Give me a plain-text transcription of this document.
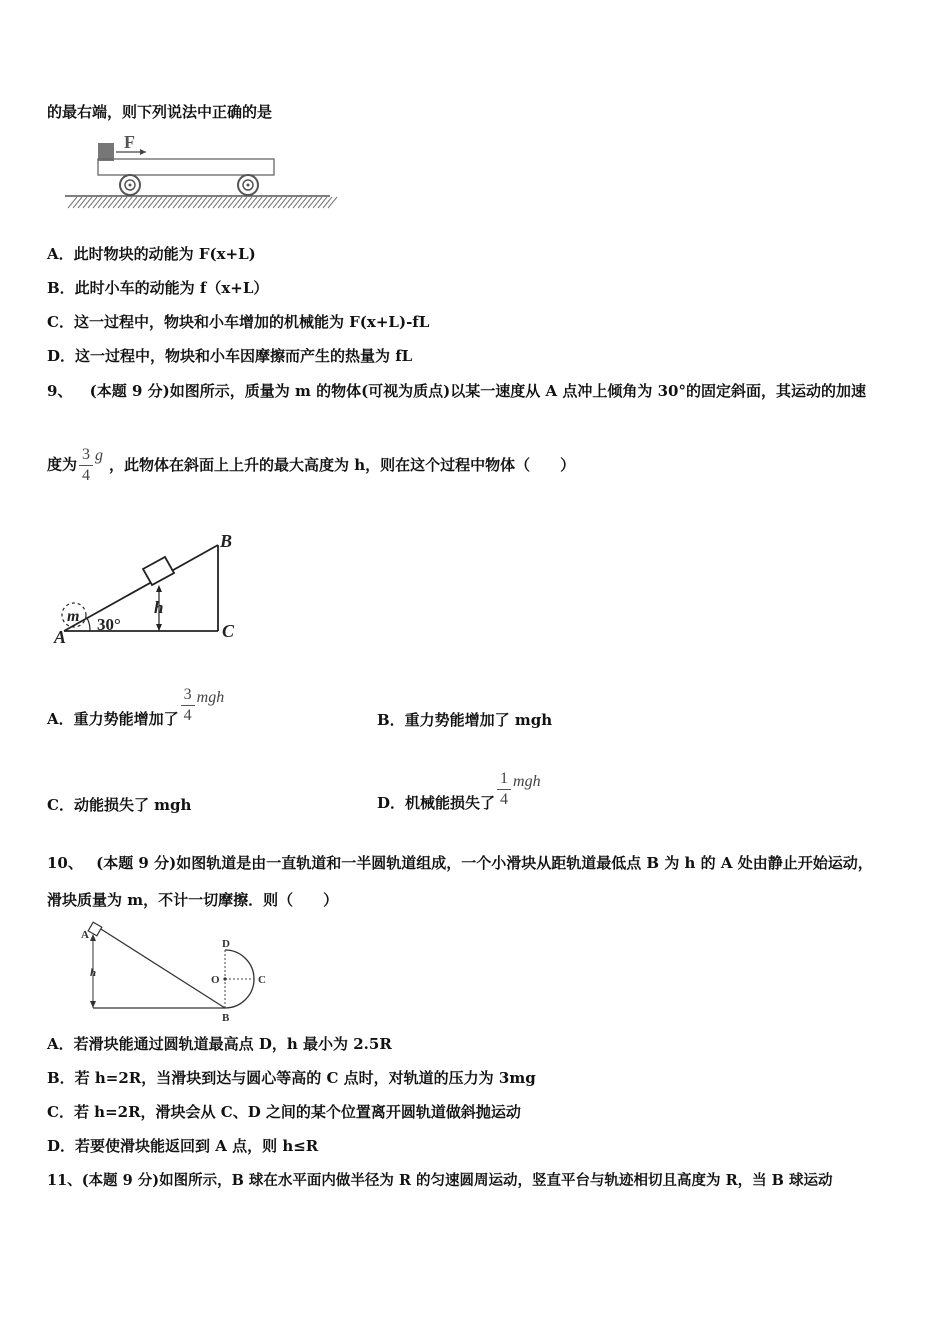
的最右端，则下列说法中正确的是
F
A．此时物块的动能为 F(x+L)
B．此时小车的动能为 f（x+L）
C．这一过程中，物块和小车增加的机械能为 F(x+L)-fL
D．这一过程中，物块和小车因摩擦而产生的热量为 fL
9、 (本题 9 分)如图所示，质量为 m 的物体(可视为质点)以某一速度从 A 点冲上倾角为 30°的固定斜面，其运动的加速
度为 $\frac{3}{4}$ g，此物体在斜面上上升的最大高度为 h，则在这个过程中物体（　　）
h
30°
m
A
B
C
A．重力势能增加了 $\frac{3}{4}$ mgh
B．重力势能增加了 mgh
C．动能损失了 mgh	D．机械能损失了 $\frac{1}{4}$ mgh
10、 (本题 9 分)如图轨道是由一直轨道和一半圆轨道组成，一个小滑块从距轨道最低点 B 为 h 的 A 处由静止开始运动，
滑块质量为 m，不计一切摩擦．则（　　）
h
A
O
D
C
B
A．若滑块能通过圆轨道最高点 D，h 最小为 2.5R
B．若 h=2R，当滑块到达与圆心等高的 C 点时，对轨道的压力为 3mg
C．若 h=2R，滑块会从 C、D 之间的某个位置离开圆轨道做斜抛运动
D．若要使滑块能返回到 A 点，则 h≤R
11、(本题 9 分)如图所示，B 球在水平面内做半径为 R 的匀速圆周运动，竖直平台与轨迹相切且高度为 R，当 B 球运动
